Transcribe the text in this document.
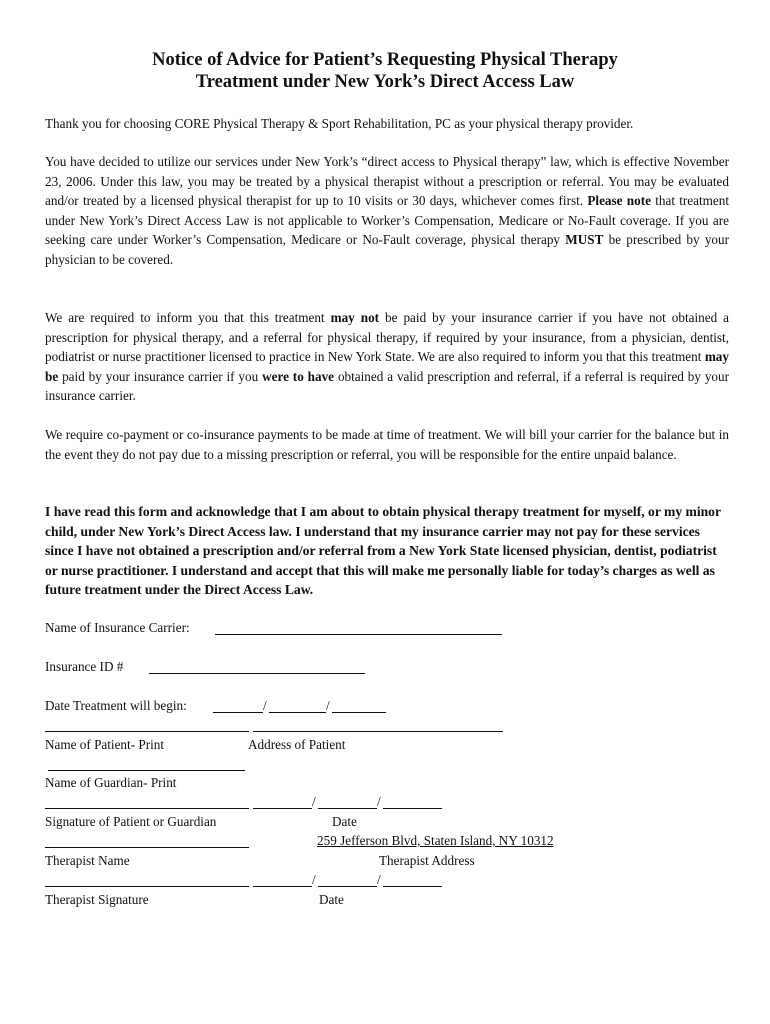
Notice of Advice for Patient’s Requesting Physical Therapy
Treatment under New York’s Direct Access Law
Thank you for choosing CORE Physical Therapy & Sport Rehabilitation, PC as your physical therapy provider.
You have decided to utilize our services under New York’s “direct access to Physical therapy” law, which is effective November 23, 2006. Under this law, you may be treated by a physical therapist without a prescription or referral. You may be evaluated and/or treated by a licensed physical therapist for up to 10 visits or 30 days, whichever comes first. Please note that treatment under New York’s Direct Access Law is not applicable to Worker’s Compensation, Medicare or No-Fault coverage. If you are seeking care under Worker’s Compensation, Medicare or No-Fault coverage, physical therapy MUST be prescribed by your physician to be covered.
We are required to inform you that this treatment may not be paid by your insurance carrier if you have not obtained a prescription for physical therapy, and a referral for physical therapy, if required by your insurance, from a physician, dentist, podiatrist or nurse practitioner licensed to practice in New York State. We are also required to inform you that this treatment may be paid by your insurance carrier if you were to have obtained a valid prescription and referral, if a referral is required by your insurance carrier.
We require co-payment or co-insurance payments to be made at time of treatment. We will bill your carrier for the balance but in the event they do not pay due to a missing prescription or referral, you will be responsible for the entire unpaid balance.
I have read this form and acknowledge that I am about to obtain physical therapy treatment for myself, or my minor child, under New York’s Direct Access law. I understand that my insurance carrier may not pay for these services since I have not obtained a prescription and/or referral from a New York State licensed physician, dentist, podiatrist or nurse practitioner. I understand and accept that this will make me personally liable for today’s charges as well as future treatment under the Direct Access Law.
Name of Insurance Carrier:
Insurance ID #
Date Treatment will begin:	/	/
Name of Patient- Print	Address of Patient
Name of Guardian- Print
/	/
Signature of Patient or Guardian	Date
259 Jefferson Blvd, Staten Island, NY 10312
Therapist Name	Therapist Address
/	/
Therapist Signature	Date
